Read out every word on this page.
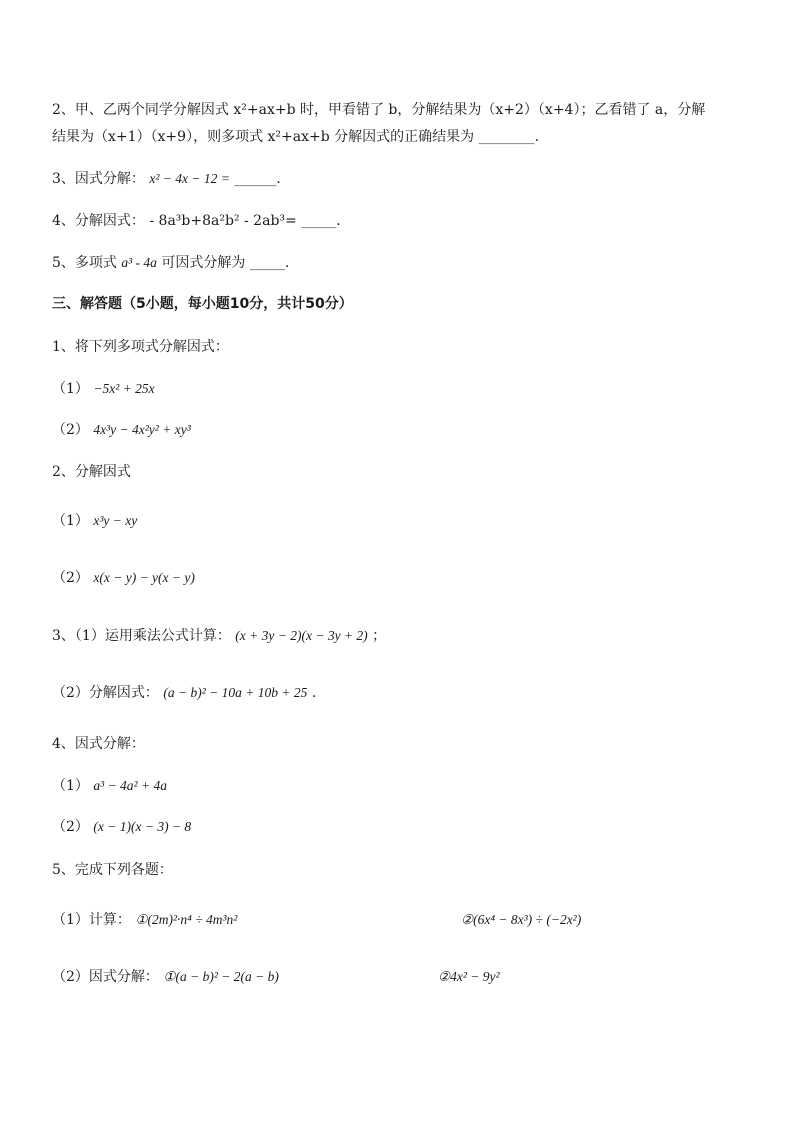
2、甲、乙两个同学分解因式 x²+ax+b 时，甲看错了 b，分解结果为（x+2）（x+4）；乙看错了 a，分解
结果为（x+1）（x+9），则多项式 x²+ax+b 分解因式的正确结果为 ________.
3、因式分解： x² − 4x − 12 = ______.
4、分解因式： - 8a³b+8a²b² - 2ab³= _____.
5、多项式 a³ - 4a 可因式分解为 _____.
三、解答题（5小题，每小题10分，共计50分）
1、将下列多项式分解因式：
（1） −5x² + 25x
（2） 4x³y − 4x²y² + xy³
2、分解因式
（1） x³y − xy
（2） x(x − y) − y(x − y)
3、（1）运用乘法公式计算： (x + 3y − 2)(x − 3y + 2) ；
（2）分解因式： (a − b)² − 10a + 10b + 25 .
4、因式分解：
（1） a³ − 4a² + 4a
（2） (x − 1)(x − 3) − 8
5、完成下列各题：
（1）计算： ①(2m)²·n⁴ ÷ 4m³n²	②(6x⁴ − 8x³) ÷ (−2x²)
（2）因式分解： ①(a − b)² − 2(a − b)	②4x² − 9y²
